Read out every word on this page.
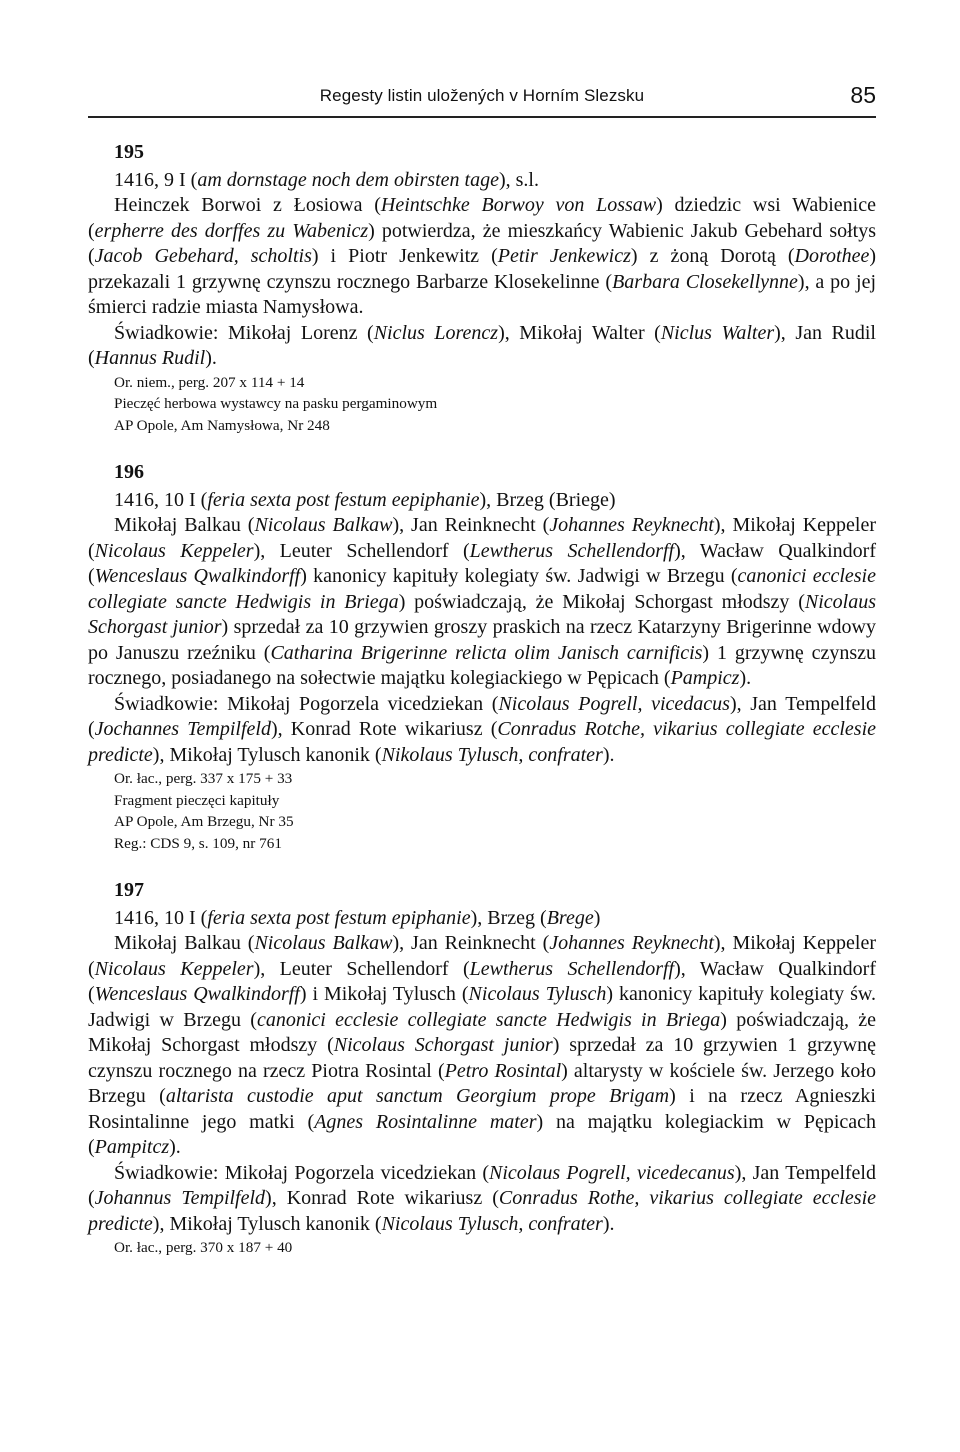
Regesty listin uložených v Horním Slezsku	85

195

1416, 9 I (am dornstage noch dem obirsten tage), s.l.

Heinczek Borwoi z Łosiowa (Heintschke Borwoy von Lossaw) dziedzic wsi Wabienice (erpherre des dorffes zu Wabenicz) potwierdza, że mieszkańcy Wabienic Jakub Gebehard sołtys (Jacob Gebehard, scholtis) i Piotr Jenkewitz (Petir Jenkewicz) z żoną Dorotą (Dorothee) przekazali 1 grzywnę czynszu rocznego Barbarze Klosekelinne (Barbara Closekellynne), a po jej śmierci radzie miasta Namysłowa.

Świadkowie: Mikołaj Lorenz (Niclus Lorencz), Mikołaj Walter (Niclus Walter), Jan Rudil (Hannus Rudil).

Or. niem., perg. 207 x 114 + 14

Pieczęć herbowa wystawcy na pasku pergaminowym

AP Opole, Am Namysłowa, Nr 248

196

1416, 10 I (feria sexta post festum eepiphanie), Brzeg (Briege)

Mikołaj Balkau (Nicolaus Balkaw), Jan Reinknecht (Johannes Reyknecht), Mikołaj Keppeler (Nicolaus Keppeler), Leuter Schellendorf (Lewtherus Schellendorff), Wacław Qualkindorf (Wenceslaus Qwalkindorff) kanonicy kapituły kolegiaty św. Jadwigi w Brzegu (canonici ecclesie collegiate sancte Hedwigis in Briega) poświadczają, że Mikołaj Schorgast młodszy (Nicolaus Schorgast junior) sprzedał za 10 grzywien groszy praskich na rzecz Katarzyny Brigerinne wdowy po Januszu rzeźniku (Catharina Brigerinne relicta olim Janisch carnificis) 1 grzywnę czynszu rocznego, posiadanego na sołectwie majątku kolegiackiego w Pępicach (Pampicz).

Świadkowie: Mikołaj Pogorzela vicedziekan (Nicolaus Pogrell, vicedacus), Jan Tempelfeld (Jochannes Tempilfeld), Konrad Rote wikariusz (Conradus Rotche, vikarius collegiate ecclesie predicte), Mikołaj Tylusch kanonik (Nikolaus Tylusch, confrater).

Or. łac., perg. 337 x 175 + 33

Fragment pieczęci kapituły

AP Opole, Am Brzegu, Nr 35

Reg.: CDS 9, s. 109, nr 761

197

1416, 10 I (feria sexta post festum epiphanie), Brzeg (Brege)

Mikołaj Balkau (Nicolaus Balkaw), Jan Reinknecht (Johannes Reyknecht), Mikołaj Keppeler (Nicolaus Keppeler), Leuter Schellendorf (Lewtherus Schellendorff), Wacław Qualkindorf (Wenceslaus Qwalkindorff) i Mikołaj Tylusch (Nicolaus Tylusch) kanonicy kapituły kolegiaty św. Jadwigi w Brzegu (canonici ecclesie collegiate sancte Hedwigis in Briega) poświadczają, że Mikołaj Schorgast młodszy (Nicolaus Schorgast junior) sprzedał za 10 grzywien 1 grzywnę czynszu rocznego na rzecz Piotra Rosintal (Petro Rosintal) altarysty w kościele św. Jerzego koło Brzegu (altarista custodie aput sanctum Georgium prope Brigam) i na rzecz Agnieszki Rosintalinne jego matki (Agnes Rosintalinne mater) na majątku kolegiackim w Pępicach (Pampitcz).

Świadkowie: Mikołaj Pogorzela vicedziekan (Nicolaus Pogrell, vicedecanus), Jan Tempelfeld (Johannus Tempilfeld), Konrad Rote wikariusz (Conradus Rothe, vikarius collegiate ecclesie predicte), Mikołaj Tylusch kanonik (Nicolaus Tylusch, confrater).

Or. łac., perg. 370 x 187 + 40
